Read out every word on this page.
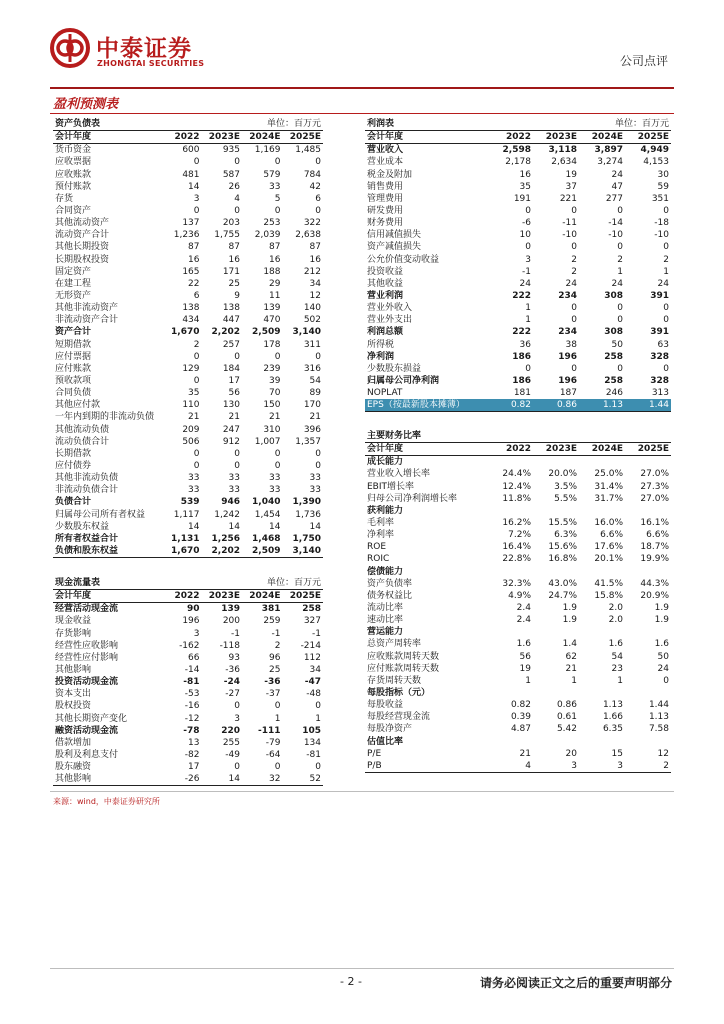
中泰证券
ZHONGTAI SECURITIES	公司点评
盈利预测表
资产负债表	单位：百万元			
会计年度	2022	2023E	2024E	2025E
货币资金	600	935	1,169	1,485
应收票据	0	0	0	0
应收账款	481	587	579	784
预付账款	14	26	33	42
存货	3	4	5	6
合同资产	0	0	0	0
其他流动资产	137	203	253	322
流动资产合计	1,236	1,755	2,039	2,638
其他长期投资	87	87	87	87
长期股权投资	16	16	16	16
固定资产	165	171	188	212
在建工程	22	25	29	34
无形资产	6	9	11	12
其他非流动资产	138	138	139	140
非流动资产合计	434	447	470	502
资产合计	1,670	2,202	2,509	3,140
短期借款	2	257	178	311
应付票据	0	0	0	0
应付账款	129	184	239	316
预收款项	0	17	39	54
合同负债	35	56	70	89
其他应付款	110	130	150	170
一年内到期的非流动负债	21	21	21	21
其他流动负债	209	247	310	396
流动负债合计	506	912	1,007	1,357
长期借款	0	0	0	0
应付债券	0	0	0	0
其他非流动负债	33	33	33	33
非流动负债合计	33	33	33	33
负债合计	539	946	1,040	1,390
归属母公司所有者权益	1,117	1,242	1,454	1,736
少数股东权益	14	14	14	14
所有者权益合计	1,131	1,256	1,468	1,750
负债和股东权益	1,670	2,202	2,509	3,140
现金流量表	单位：百万元			
会计年度	2022	2023E	2024E	2025E
经营活动现金流	90	139	381	258
现金收益	196	200	259	327
存货影响	3	-1	-1	-1
经营性应收影响	-162	-118	2	-214
经营性应付影响	66	93	96	112
其他影响	-14	-36	25	34
投资活动现金流	-81	-24	-36	-47
资本支出	-53	-27	-37	-48
股权投资	-16	0	0	0
其他长期资产变化	-12	3	1	1
融资活动现金流	-78	220	-111	105
借款增加	13	255	-79	134
股利及利息支付	-82	-49	-64	-81
股东融资	17	0	0	0
其他影响	-26	14	32	52
利润表	单位：百万元			
会计年度	2022	2023E	2024E	2025E
营业收入	2,598	3,118	3,897	4,949
营业成本	2,178	2,634	3,274	4,153
税金及附加	16	19	24	30
销售费用	35	37	47	59
管理费用	191	221	277	351
研发费用	0	0	0	0
财务费用	-6	-11	-14	-18
信用减值损失	10	-10	-10	-10
资产减值损失	0	0	0	0
公允价值变动收益	3	2	2	2
投资收益	-1	2	1	1
其他收益	24	24	24	24
营业利润	222	234	308	391
营业外收入	1	0	0	0
营业外支出	1	0	0	0
利润总额	222	234	308	391
所得税	36	38	50	63
净利润	186	196	258	328
少数股东损益	0	0	0	0
归属母公司净利润	186	196	258	328
NOPLAT	181	187	246	313
EPS（按最新股本摊薄）	0.82	0.86	1.13	1.44
主要财务比率				
会计年度	2022	2023E	2024E	2025E
成长能力				
营业收入增长率	24.4%	20.0%	25.0%	27.0%
EBIT增长率	12.4%	3.5%	31.4%	27.3%
归母公司净利润增长率	11.8%	5.5%	31.7%	27.0%
获利能力				
毛利率	16.2%	15.5%	16.0%	16.1%
净利率	7.2%	6.3%	6.6%	6.6%
ROE	16.4%	15.6%	17.6%	18.7%
ROIC	22.8%	16.8%	20.1%	19.9%
偿债能力				
资产负债率	32.3%	43.0%	41.5%	44.3%
债务权益比	4.9%	24.7%	15.8%	20.9%
流动比率	2.4	1.9	2.0	1.9
速动比率	2.4	1.9	2.0	1.9
营运能力				
总资产周转率	1.6	1.4	1.6	1.6
应收账款周转天数	56	62	54	50
应付账款周转天数	19	21	23	24
存货周转天数	1	1	1	0
每股指标（元）				
每股收益	0.82	0.86	1.13	1.44
每股经营现金流	0.39	0.61	1.66	1.13
每股净资产	4.87	5.42	6.35	7.58
估值比率				
P/E	21	20	15	12
P/B	4	3	3	2
来源：wind，中泰证券研究所
- 2 -	请务必阅读正文之后的重要声明部分
